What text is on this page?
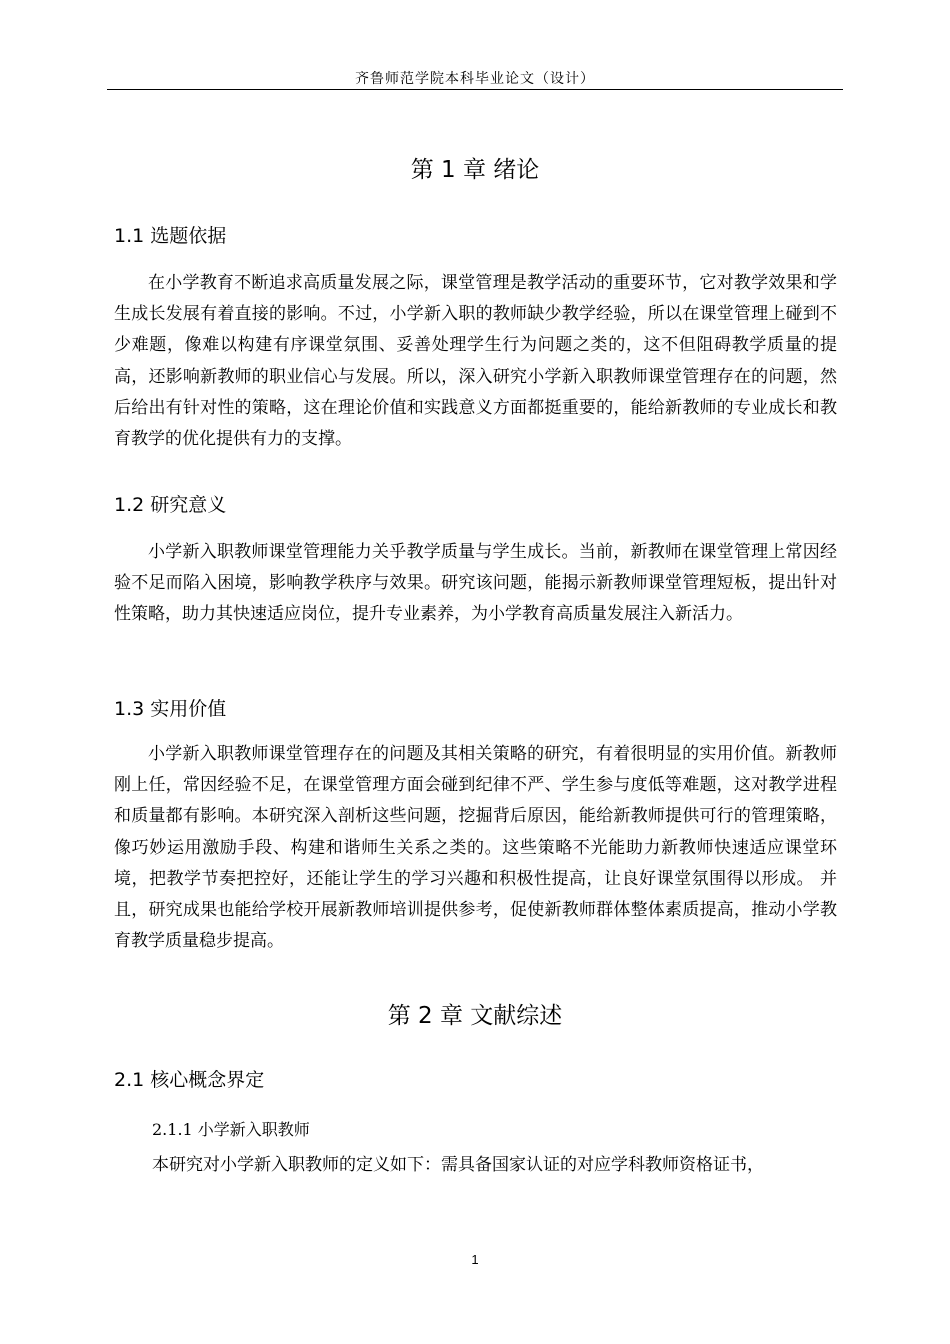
齐鲁师范学院本科毕业论文（设计）
第 1 章 绪论
1.1 选题依据

在小学教育不断追求高质量发展之际，课堂管理是教学活动的重要环节，它对教学效果和学生成长发展有着直接的影响。不过，小学新入职的教师缺少教学经验，所以在课堂管理上碰到不少难题，像难以构建有序课堂氛围、妥善处理学生行为问题之类的，这不但阻碍教学质量的提高，还影响新教师的职业信心与发展。所以，深入研究小学新入职教师课堂管理存在的问题，然后给出有针对性的策略，这在理论价值和实践意义方面都挺重要的，能给新教师的专业成长和教育教学的优化提供有力的支撑。

1.2 研究意义

小学新入职教师课堂管理能力关乎教学质量与学生成长。当前，新教师在课堂管理上常因经验不足而陷入困境，影响教学秩序与效果。研究该问题，能揭示新教师课堂管理短板，提出针对性策略，助力其快速适应岗位，提升专业素养，为小学教育高质量发展注入新活力。

1.3 实用价值

小学新入职教师课堂管理存在的问题及其相关策略的研究，有着很明显的实用价值。新教师刚上任，常因经验不足，在课堂管理方面会碰到纪律不严、学生参与度低等难题，这对教学进程和质量都有影响。本研究深入剖析这些问题，挖掘背后原因，能给新教师提供可行的管理策略，像巧妙运用激励手段、构建和谐师生关系之类的。这些策略不光能助力新教师快速适应课堂环境，把教学节奏把控好，还能让学生的学习兴趣和积极性提高，让良好课堂氛围得以形成。 并且，研究成果也能给学校开展新教师培训提供参考，促使新教师群体整体素质提高，推动小学教育教学质量稳步提高。

第 2 章 文献综述
2.1 核心概念界定
2.1.1 小学新入职教师

本研究对小学新入职教师的定义如下：需具备国家认证的对应学科教师资格证书，

1
